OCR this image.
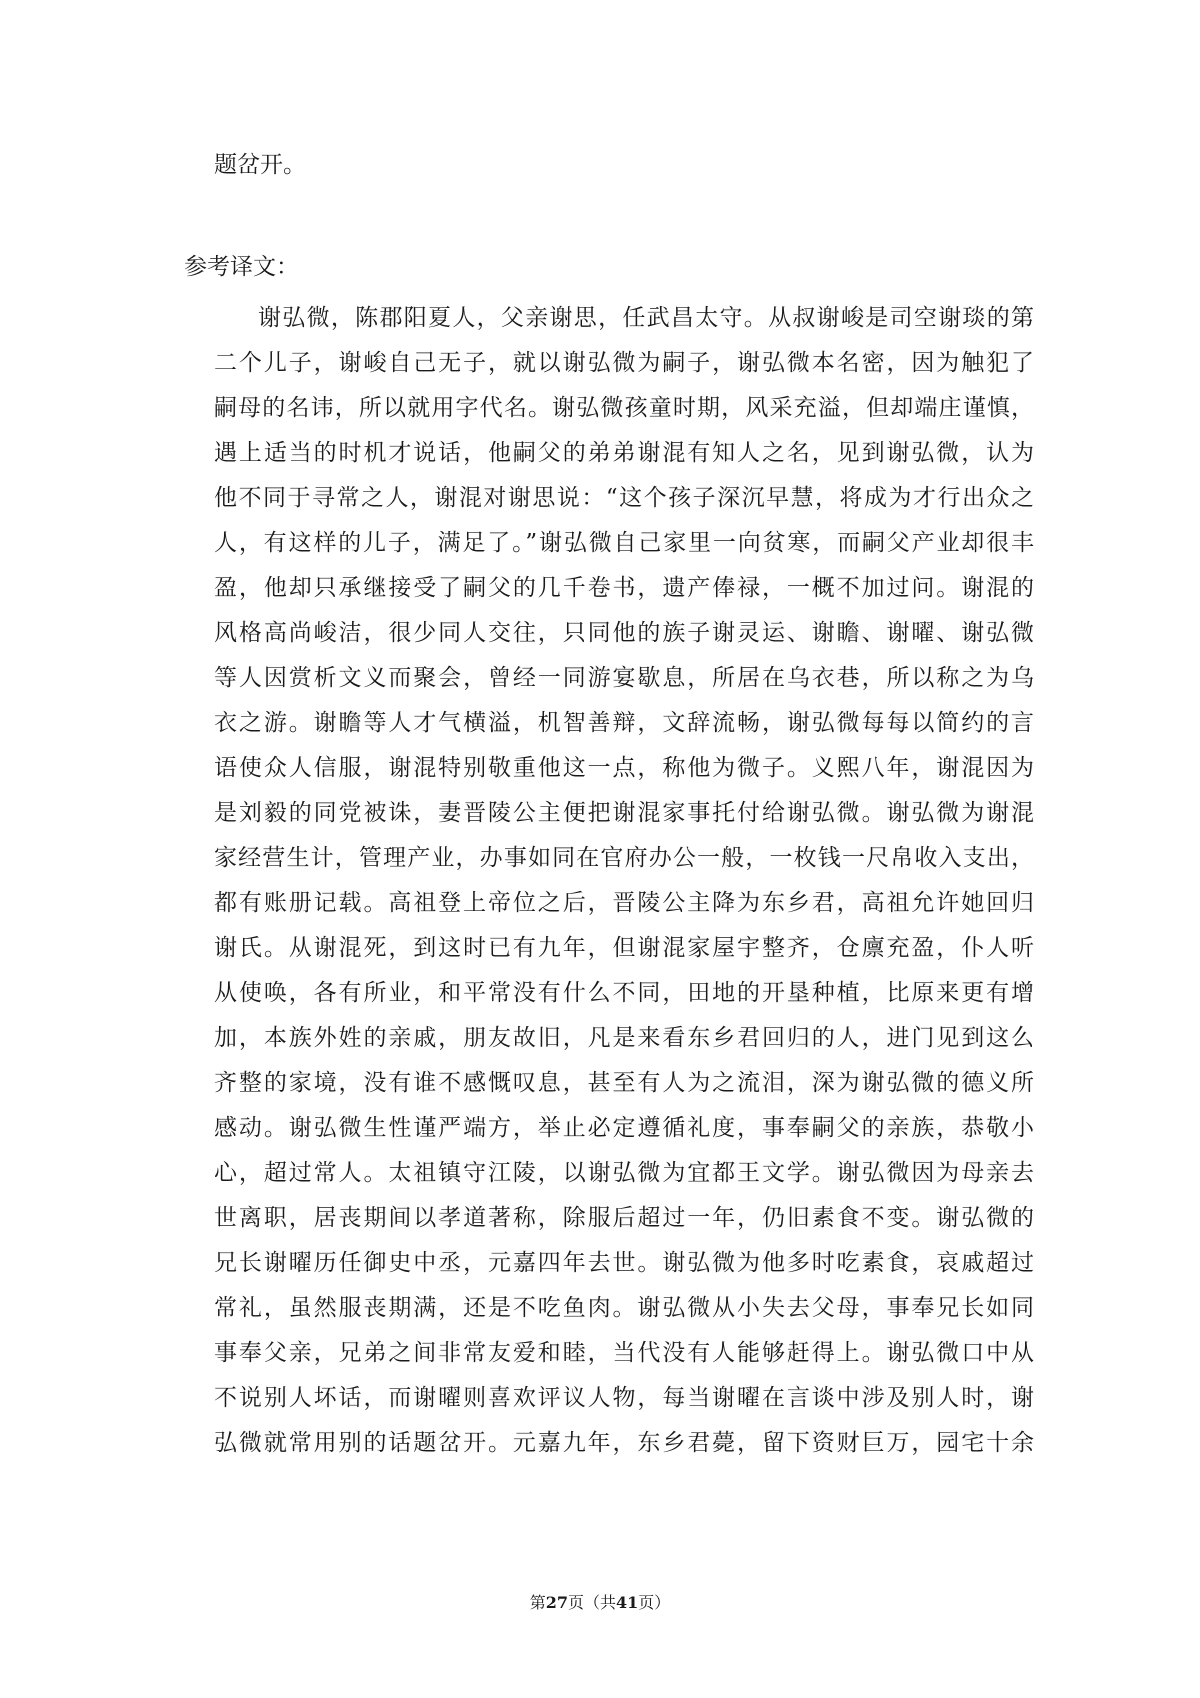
题岔开。
参考译文：
谢弘微，陈郡阳夏人，父亲谢思，任武昌太守。从叔谢峻是司空谢琰的第
二个儿子，谢峻自己无子，就以谢弘微为嗣子，谢弘微本名密，因为触犯了
嗣母的名讳，所以就用字代名。谢弘微孩童时期，风采充溢，但却端庄谨慎，
遇上适当的时机才说话，他嗣父的弟弟谢混有知人之名，见到谢弘微，认为
他不同于寻常之人，谢混对谢思说：“这个孩子深沉早慧，将成为才行出众之
人，有这样的儿子，满足了。”谢弘微自己家里一向贫寒，而嗣父产业却很丰
盈，他却只承继接受了嗣父的几千卷书，遗产俸禄，一概不加过问。谢混的
风格高尚峻洁，很少同人交往，只同他的族子谢灵运、谢瞻、谢曜、谢弘微
等人因赏析文义而聚会，曾经一同游宴歇息，所居在乌衣巷，所以称之为乌
衣之游。谢瞻等人才气横溢，机智善辩，文辞流畅，谢弘微每每以简约的言
语使众人信服，谢混特别敬重他这一点，称他为微子。义熙八年，谢混因为
是刘毅的同党被诛，妻晋陵公主便把谢混家事托付给谢弘微。谢弘微为谢混
家经营生计，管理产业，办事如同在官府办公一般，一枚钱一尺帛收入支出，
都有账册记载。高祖登上帝位之后，晋陵公主降为东乡君，高祖允许她回归
谢氏。从谢混死，到这时已有九年，但谢混家屋宇整齐，仓廪充盈，仆人听
从使唤，各有所业，和平常没有什么不同，田地的开垦种植，比原来更有增
加，本族外姓的亲戚，朋友故旧，凡是来看东乡君回归的人，进门见到这么
齐整的家境，没有谁不感慨叹息，甚至有人为之流泪，深为谢弘微的德义所
感动。谢弘微生性谨严端方，举止必定遵循礼度，事奉嗣父的亲族，恭敬小
心，超过常人。太祖镇守江陵，以谢弘微为宜都王文学。谢弘微因为母亲去
世离职，居丧期间以孝道著称，除服后超过一年，仍旧素食不变。谢弘微的
兄长谢曜历任御史中丞，元嘉四年去世。谢弘微为他多时吃素食，哀戚超过
常礼，虽然服丧期满，还是不吃鱼肉。谢弘微从小失去父母，事奉兄长如同
事奉父亲，兄弟之间非常友爱和睦，当代没有人能够赶得上。谢弘微口中从
不说别人坏话，而谢曜则喜欢评议人物，每当谢曜在言谈中涉及别人时，谢
弘微就常用别的话题岔开。元嘉九年，东乡君薨，留下资财巨万，园宅十余
第27页（共41页）
